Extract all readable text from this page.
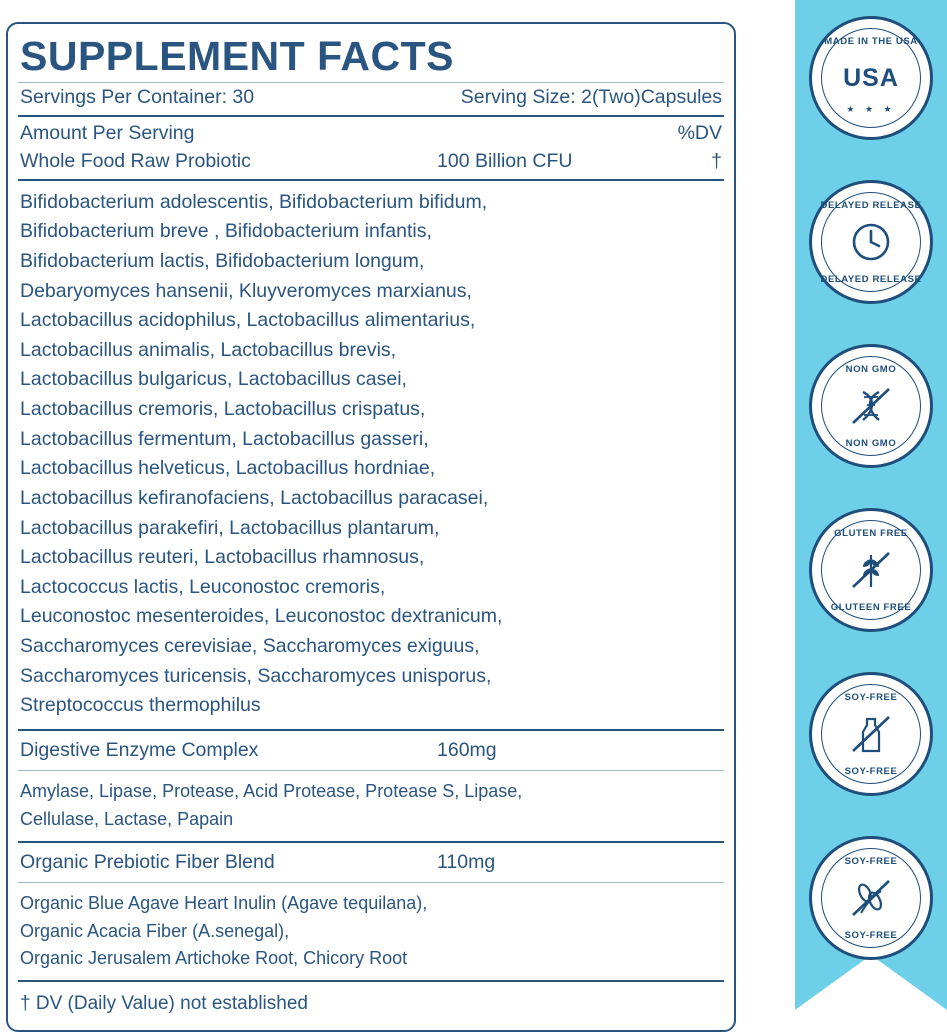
SUPPLEMENT FACTS
Servings Per Container: 30	Serving Size: 2(Two)Capsules
Amount Per Serving	%DV
Whole Food Raw Probiotic	100 Billion CFU	†
Bifidobacterium adolescentis, Bifidobacterium bifidum,
Bifidobacterium breve , Bifidobacterium infantis,
Bifidobacterium lactis, Bifidobacterium longum,
Debaryomyces hansenii, Kluyveromyces marxianus,
Lactobacillus acidophilus, Lactobacillus alimentarius,
Lactobacillus animalis, Lactobacillus brevis,
Lactobacillus bulgaricus, Lactobacillus casei,
Lactobacillus cremoris, Lactobacillus crispatus,
Lactobacillus fermentum, Lactobacillus gasseri,
Lactobacillus helveticus, Lactobacillus hordniae,
Lactobacillus kefiranofaciens, Lactobacillus paracasei,
Lactobacillus parakefiri, Lactobacillus plantarum,
Lactobacillus reuteri, Lactobacillus rhamnosus,
Lactococcus lactis, Leuconostoc cremoris,
Leuconostoc mesenteroides, Leuconostoc dextranicum,
Saccharomyces cerevisiae, Saccharomyces exiguus,
Saccharomyces turicensis, Saccharomyces unisporus,
Streptococcus thermophilus
Digestive Enzyme Complex	160mg
Amylase, Lipase, Protease, Acid Protease, Protease S, Lipase,
Cellulase, Lactase, Papain
Organic Prebiotic Fiber Blend	110mg
Organic Blue Agave Heart Inulin (Agave tequilana),
Organic Acacia Fiber (A.senegal),
Organic Jerusalem Artichoke Root, Chicory Root
† DV (Daily Value) not established
MADE IN THE USA
USA
★ ★ ★
DELAYED RELEASE
DELAYED RELEASE
NON GMO
NON GMO
GLUTEN FREE
GLUTEEN FREE
SOY-FREE
SOY-FREE
SOY-FREE
SOY-FREE
